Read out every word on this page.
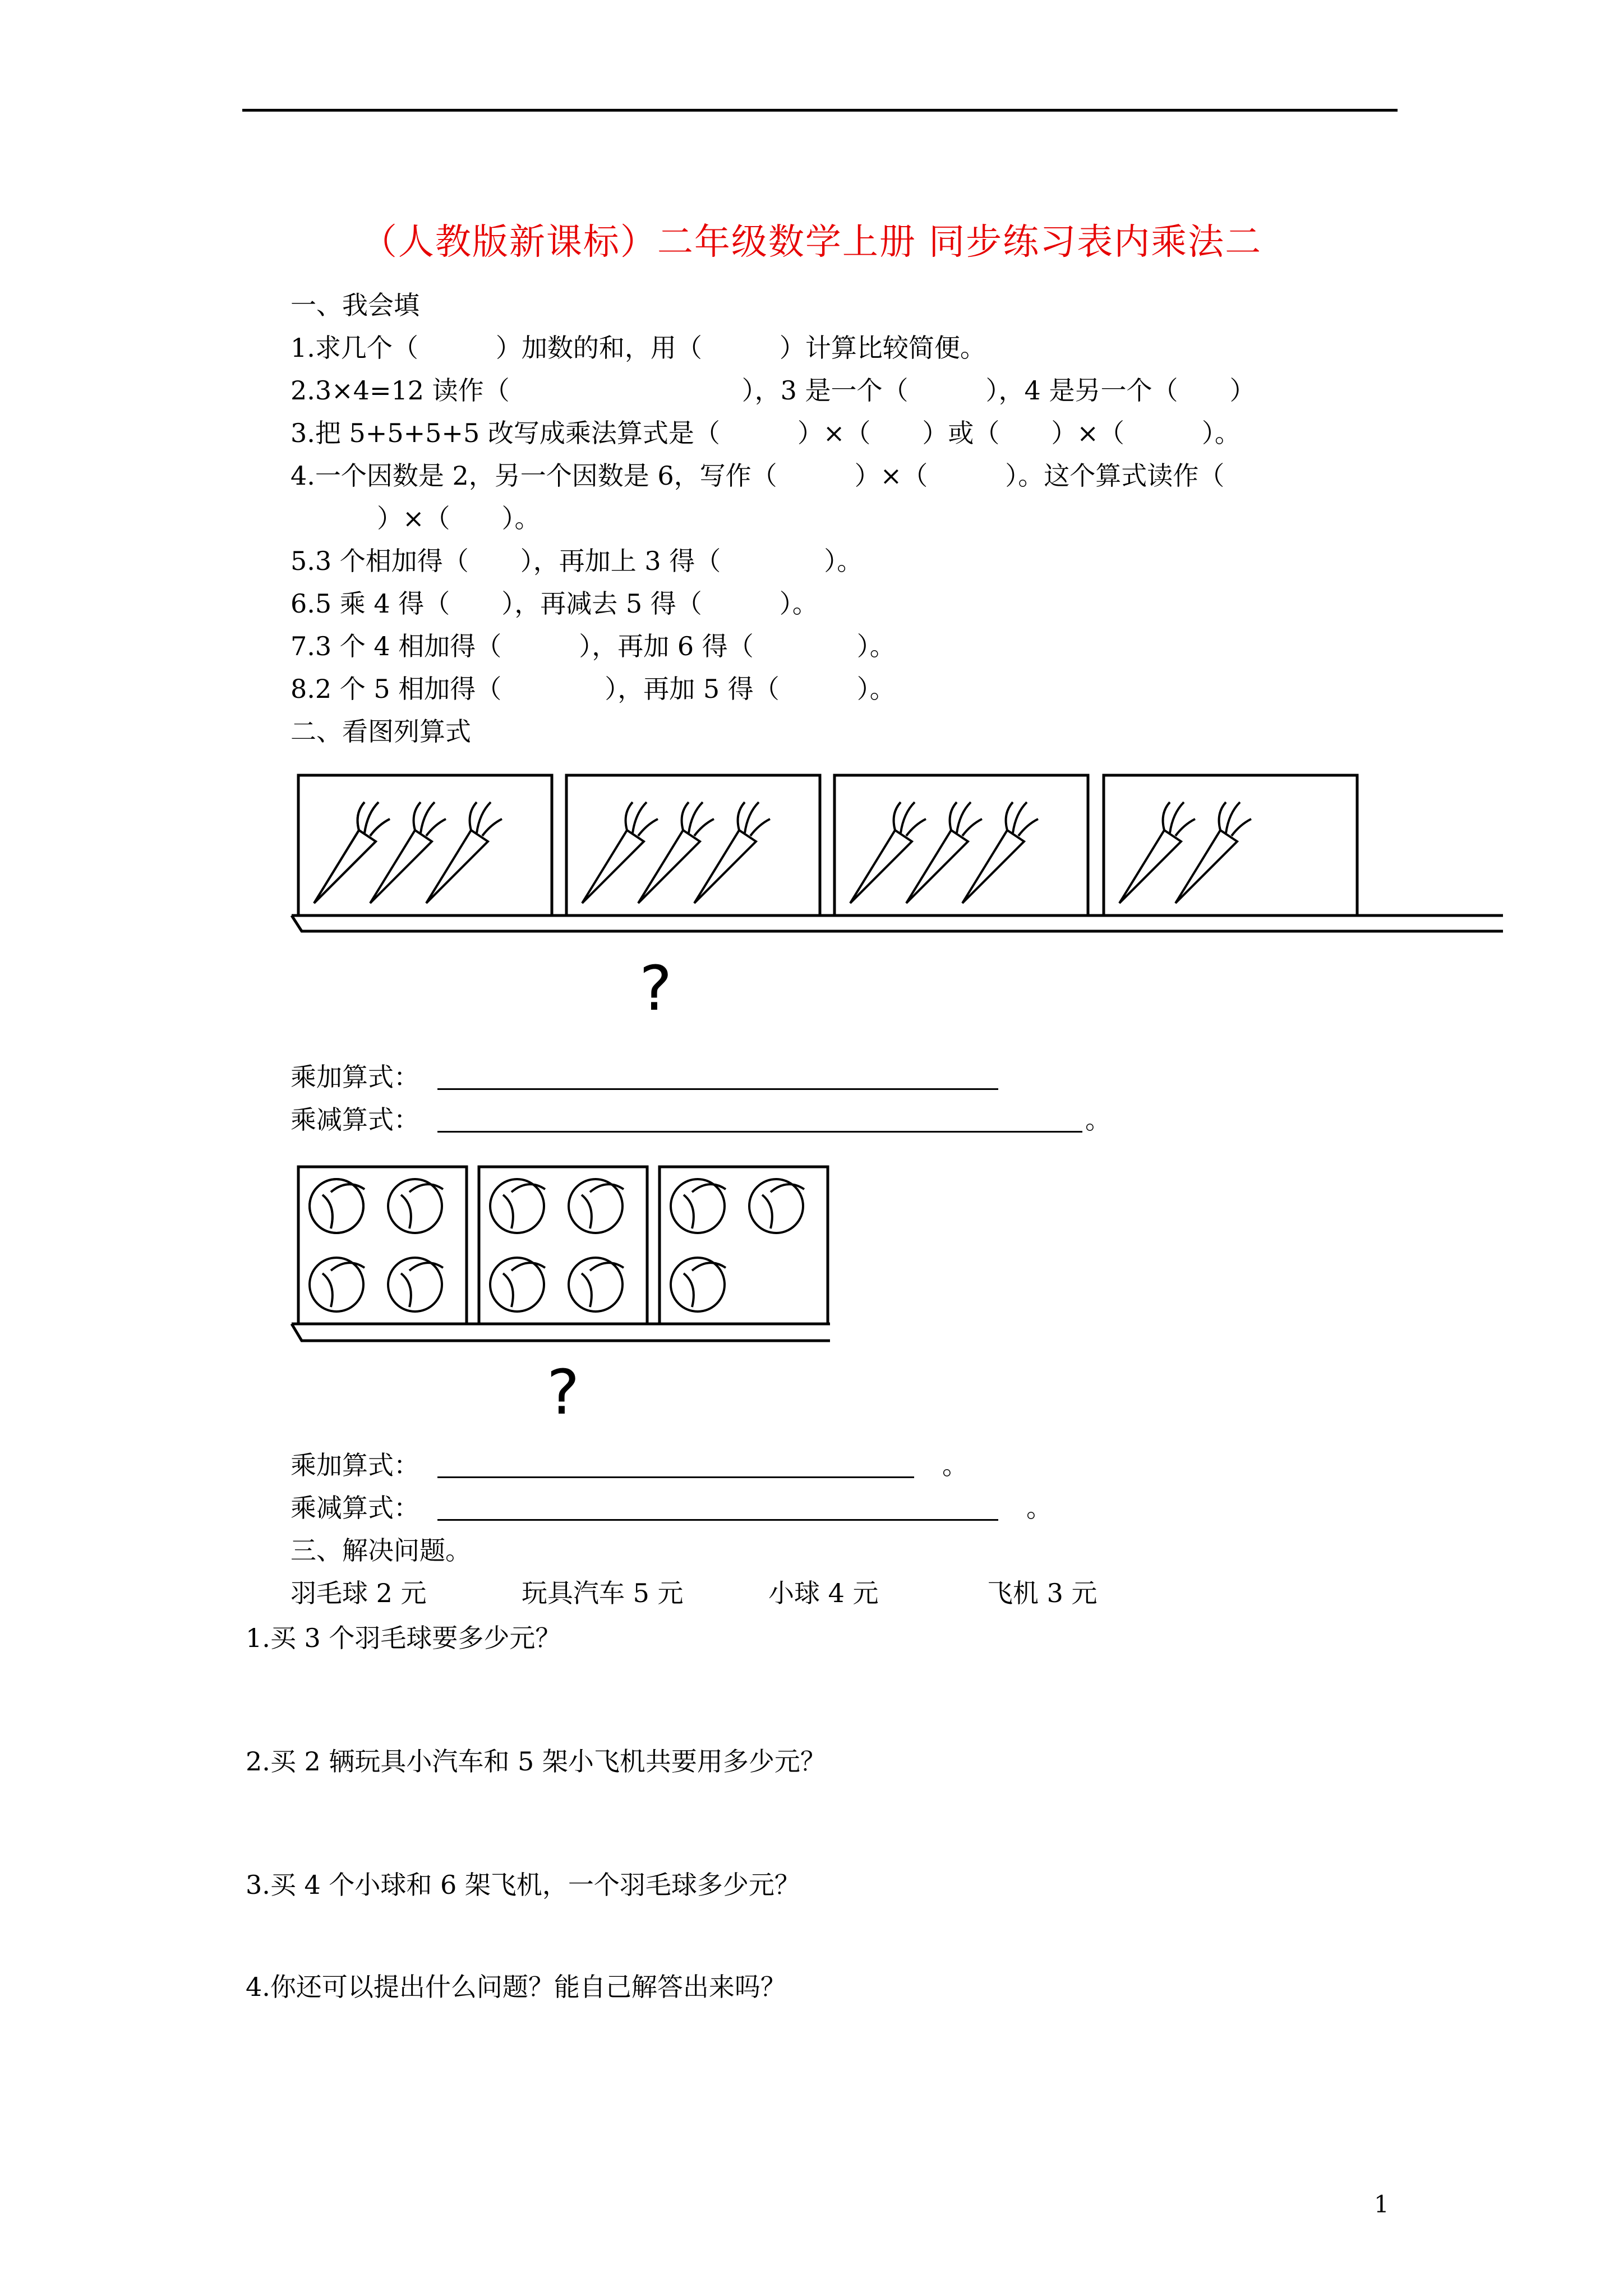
（人教版新课标）二年级数学上册 同步练习表内乘法二
一、我会填
1.求几个（　　　）加数的和，用（　　　）计算比较简便。
2.3×4=12 读作（　　　　　　　　　），3 是一个（　　　），4 是另一个（　　）
3.把 5+5+5+5 改写成乘法算式是（　　　）×（　　）或（　　）×（　　　）。
4.一个因数是 2，另一个因数是 6，写作（　　　）×（　　　）。这个算式读作（
　　）×（　　）。
5.3 个相加得（　　），再加上 3 得（　　　　）。
6.5 乘 4 得（　　），再减去 5 得（　　　）。
7.3 个 4 相加得（　　　），再加 6 得（　　　　）。
8.2 个 5 相加得（　　　　），再加 5 得（　　　）。
二、看图列算式
?
乘加算式：
乘减算式：	。
?
乘加算式：	。
乘减算式：	。
三、解决问题。
羽毛球 2 元	玩具汽车 5 元	小球 4 元	飞机 3 元
1.买 3 个羽毛球要多少元？
2.买 2 辆玩具小汽车和 5 架小飞机共要用多少元？
3.买 4 个小球和 6 架飞机，一个羽毛球多少元？
4.你还可以提出什么问题？能自己解答出来吗？
1
